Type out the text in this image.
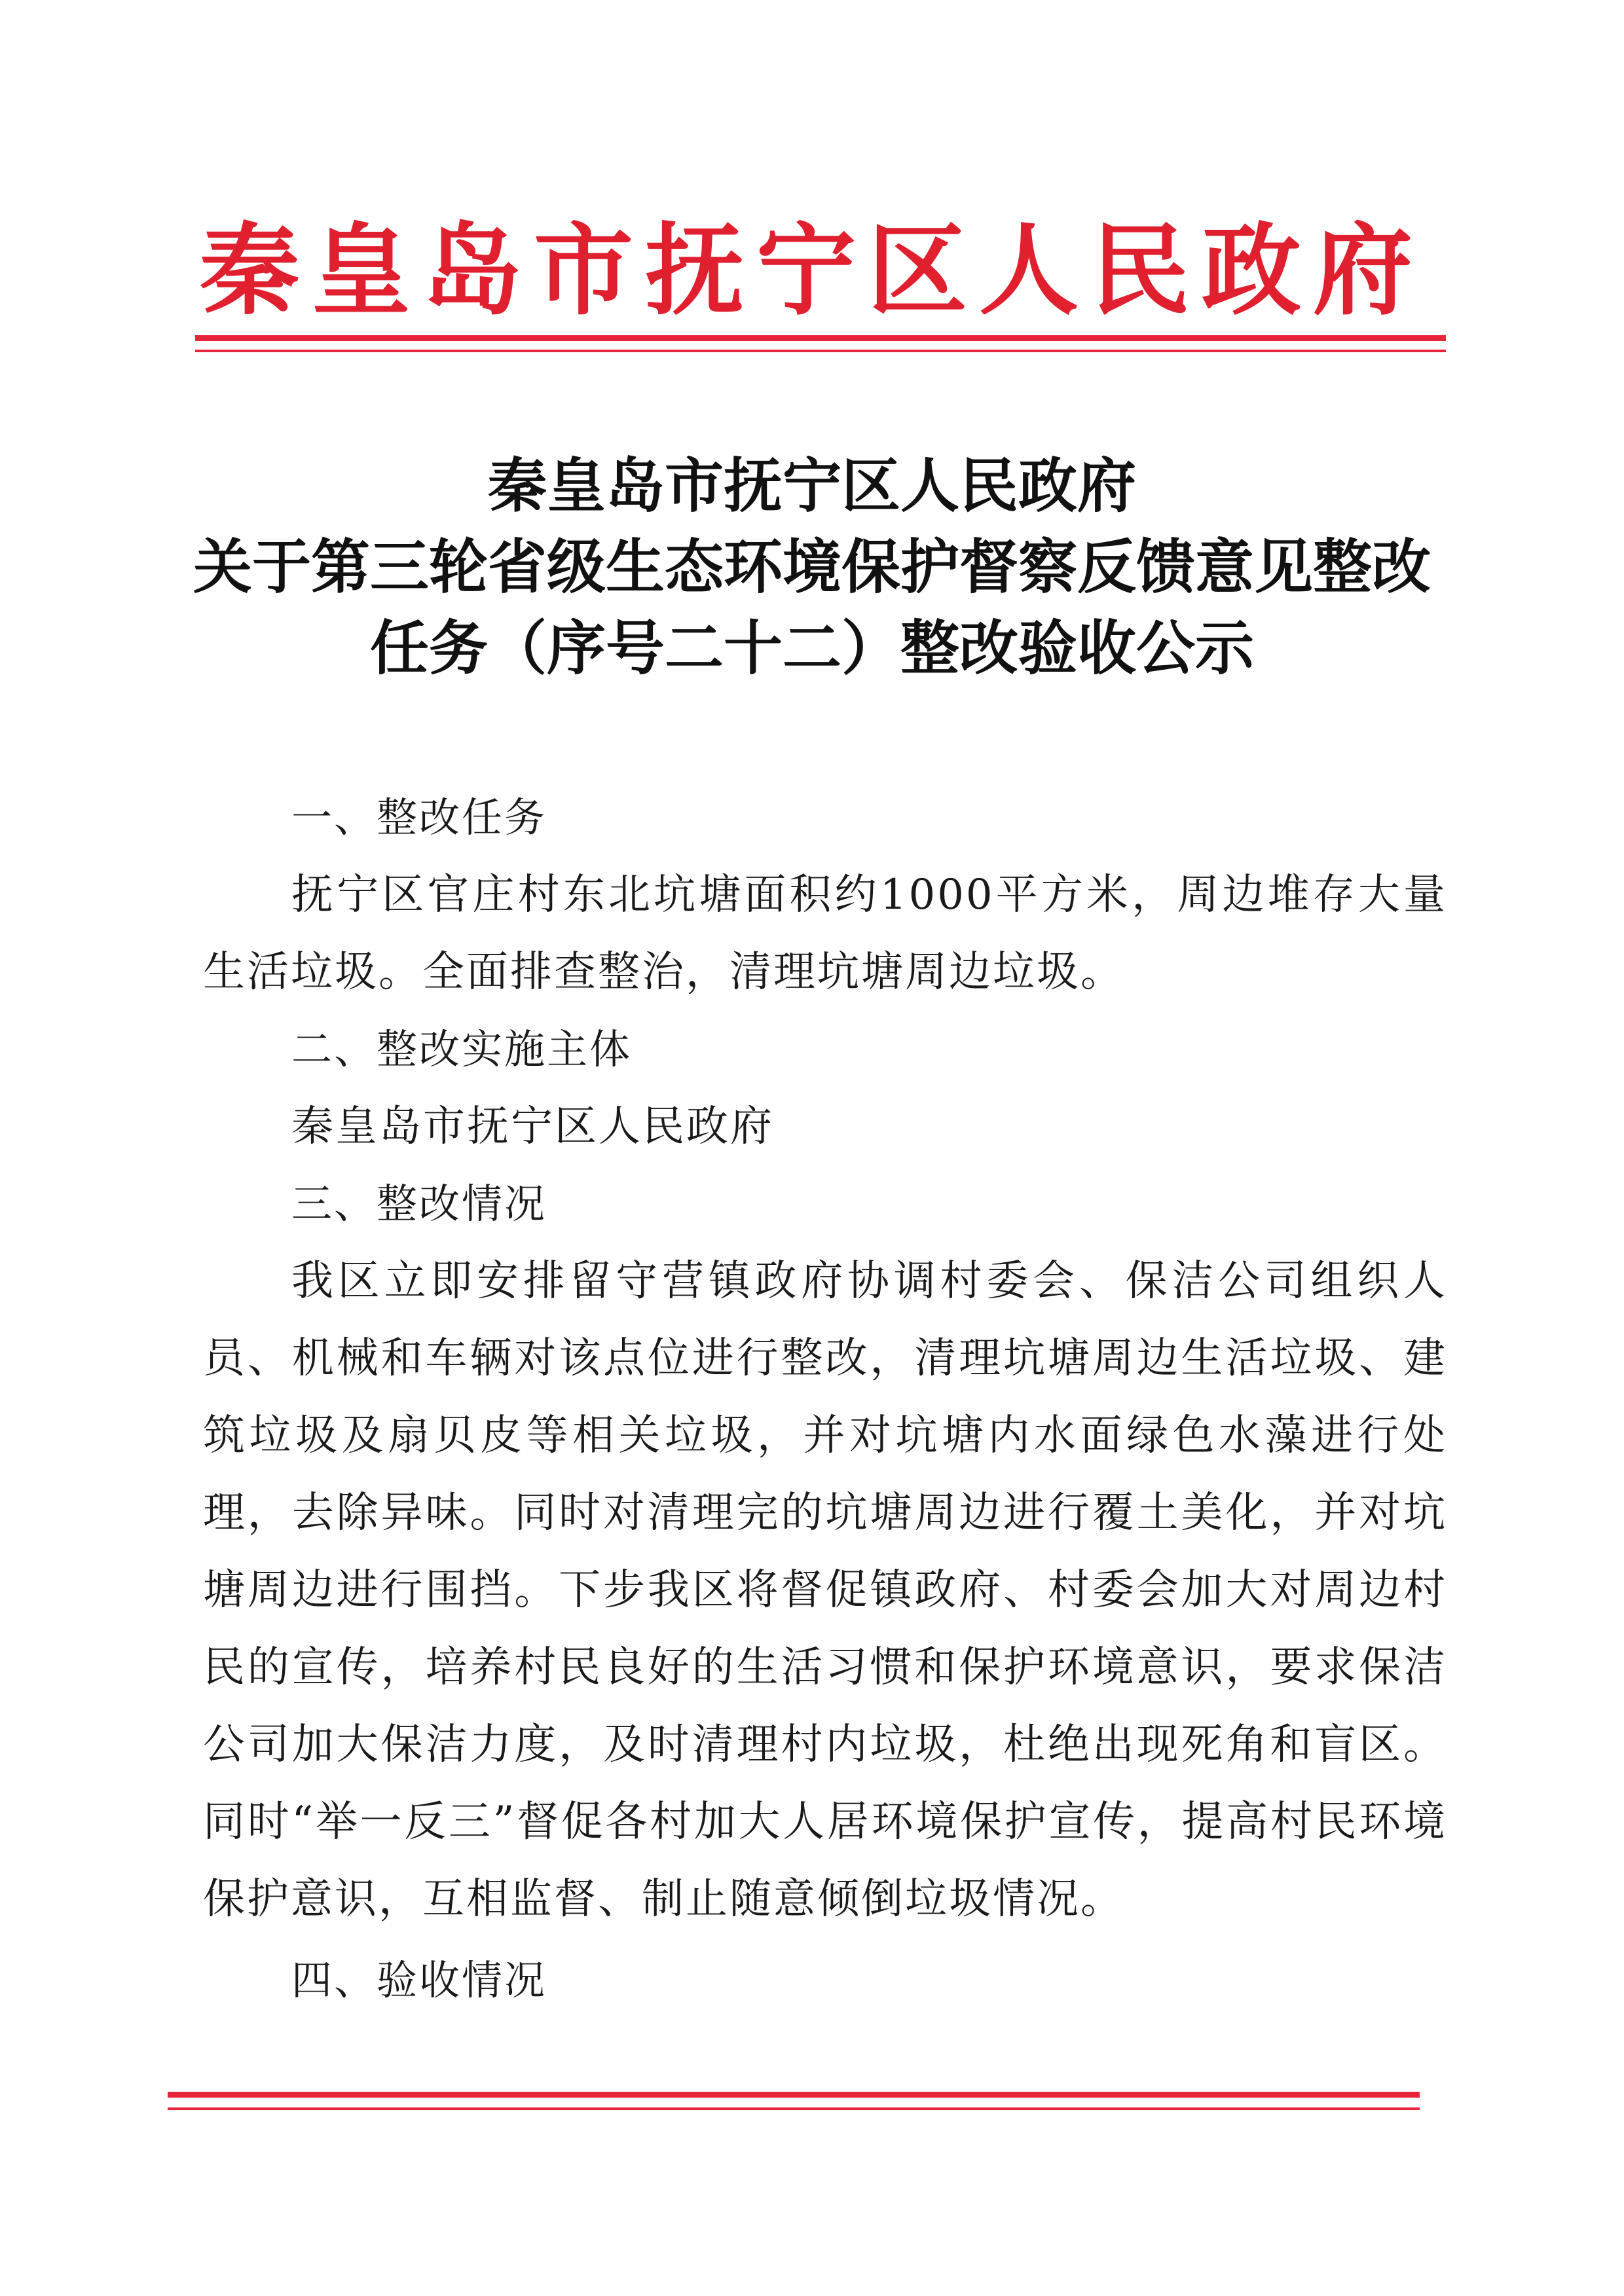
秦皇岛市抚宁区人民政府
秦皇岛市抚宁区人民政府
关于第三轮省级生态环境保护督察反馈意见整改
任务（序号二十二）整改验收公示
一、整改任务

抚宁区官庄村东北坑塘面积约1000平方米，周边堆存大量生活垃圾。全面排查整治，清理坑塘周边垃圾。

二、整改实施主体

秦皇岛市抚宁区人民政府

三、整改情况

我区立即安排留守营镇政府协调村委会、保洁公司组织人员、机械和车辆对该点位进行整改，清理坑塘周边生活垃圾、建筑垃圾及扇贝皮等相关垃圾，并对坑塘内水面绿色水藻进行处理，去除异味。同时对清理完的坑塘周边进行覆土美化，并对坑塘周边进行围挡。下步我区将督促镇政府、村委会加大对周边村民的宣传，培养村民良好的生活习惯和保护环境意识，要求保洁公司加大保洁力度，及时清理村内垃圾，杜绝出现死角和盲区。同时“举一反三”督促各村加大人居环境保护宣传，提高村民环境保护意识，互相监督、制止随意倾倒垃圾情况。

四、验收情况
